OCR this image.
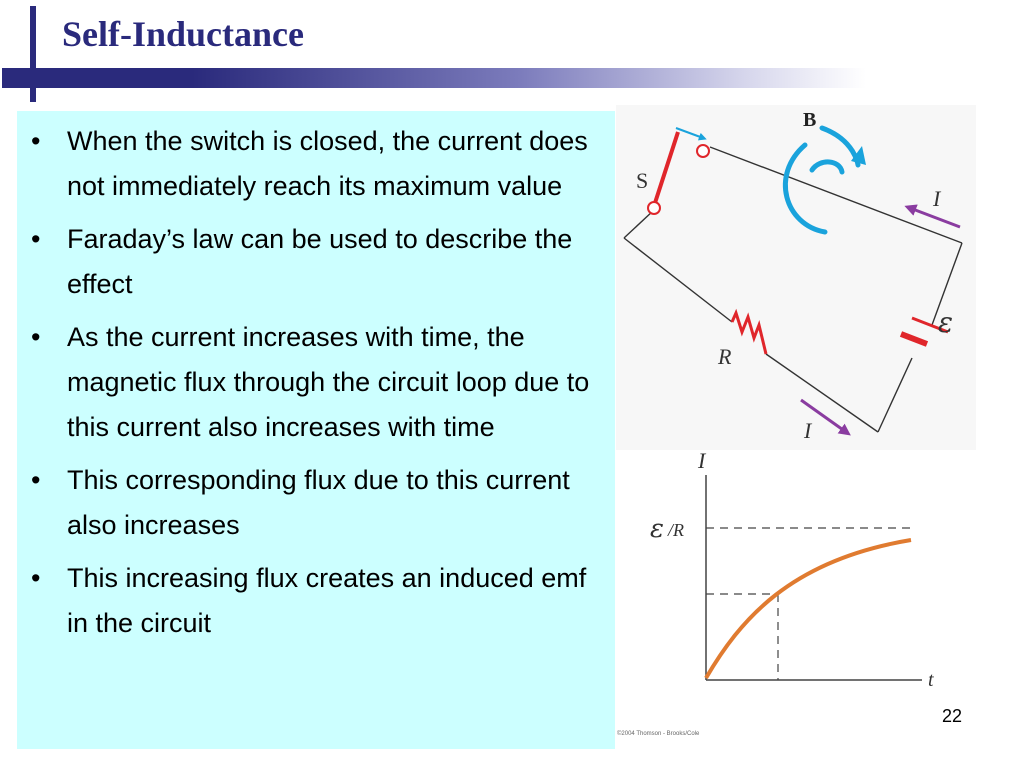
Self-Inductance
• When the switch is closed, the current does not immediately reach its maximum value
• Faraday’s law can be used to describe the effect
• As the current increases with time, the magnetic flux through the circuit loop due to this current also increases with time
• This corresponding flux due to this current also increases
• This increasing flux creates an induced emf in the circuit
S
B
I
I
ε
R
I
t
ε /R
©2004 Thomson - Brooks/Cole
22
